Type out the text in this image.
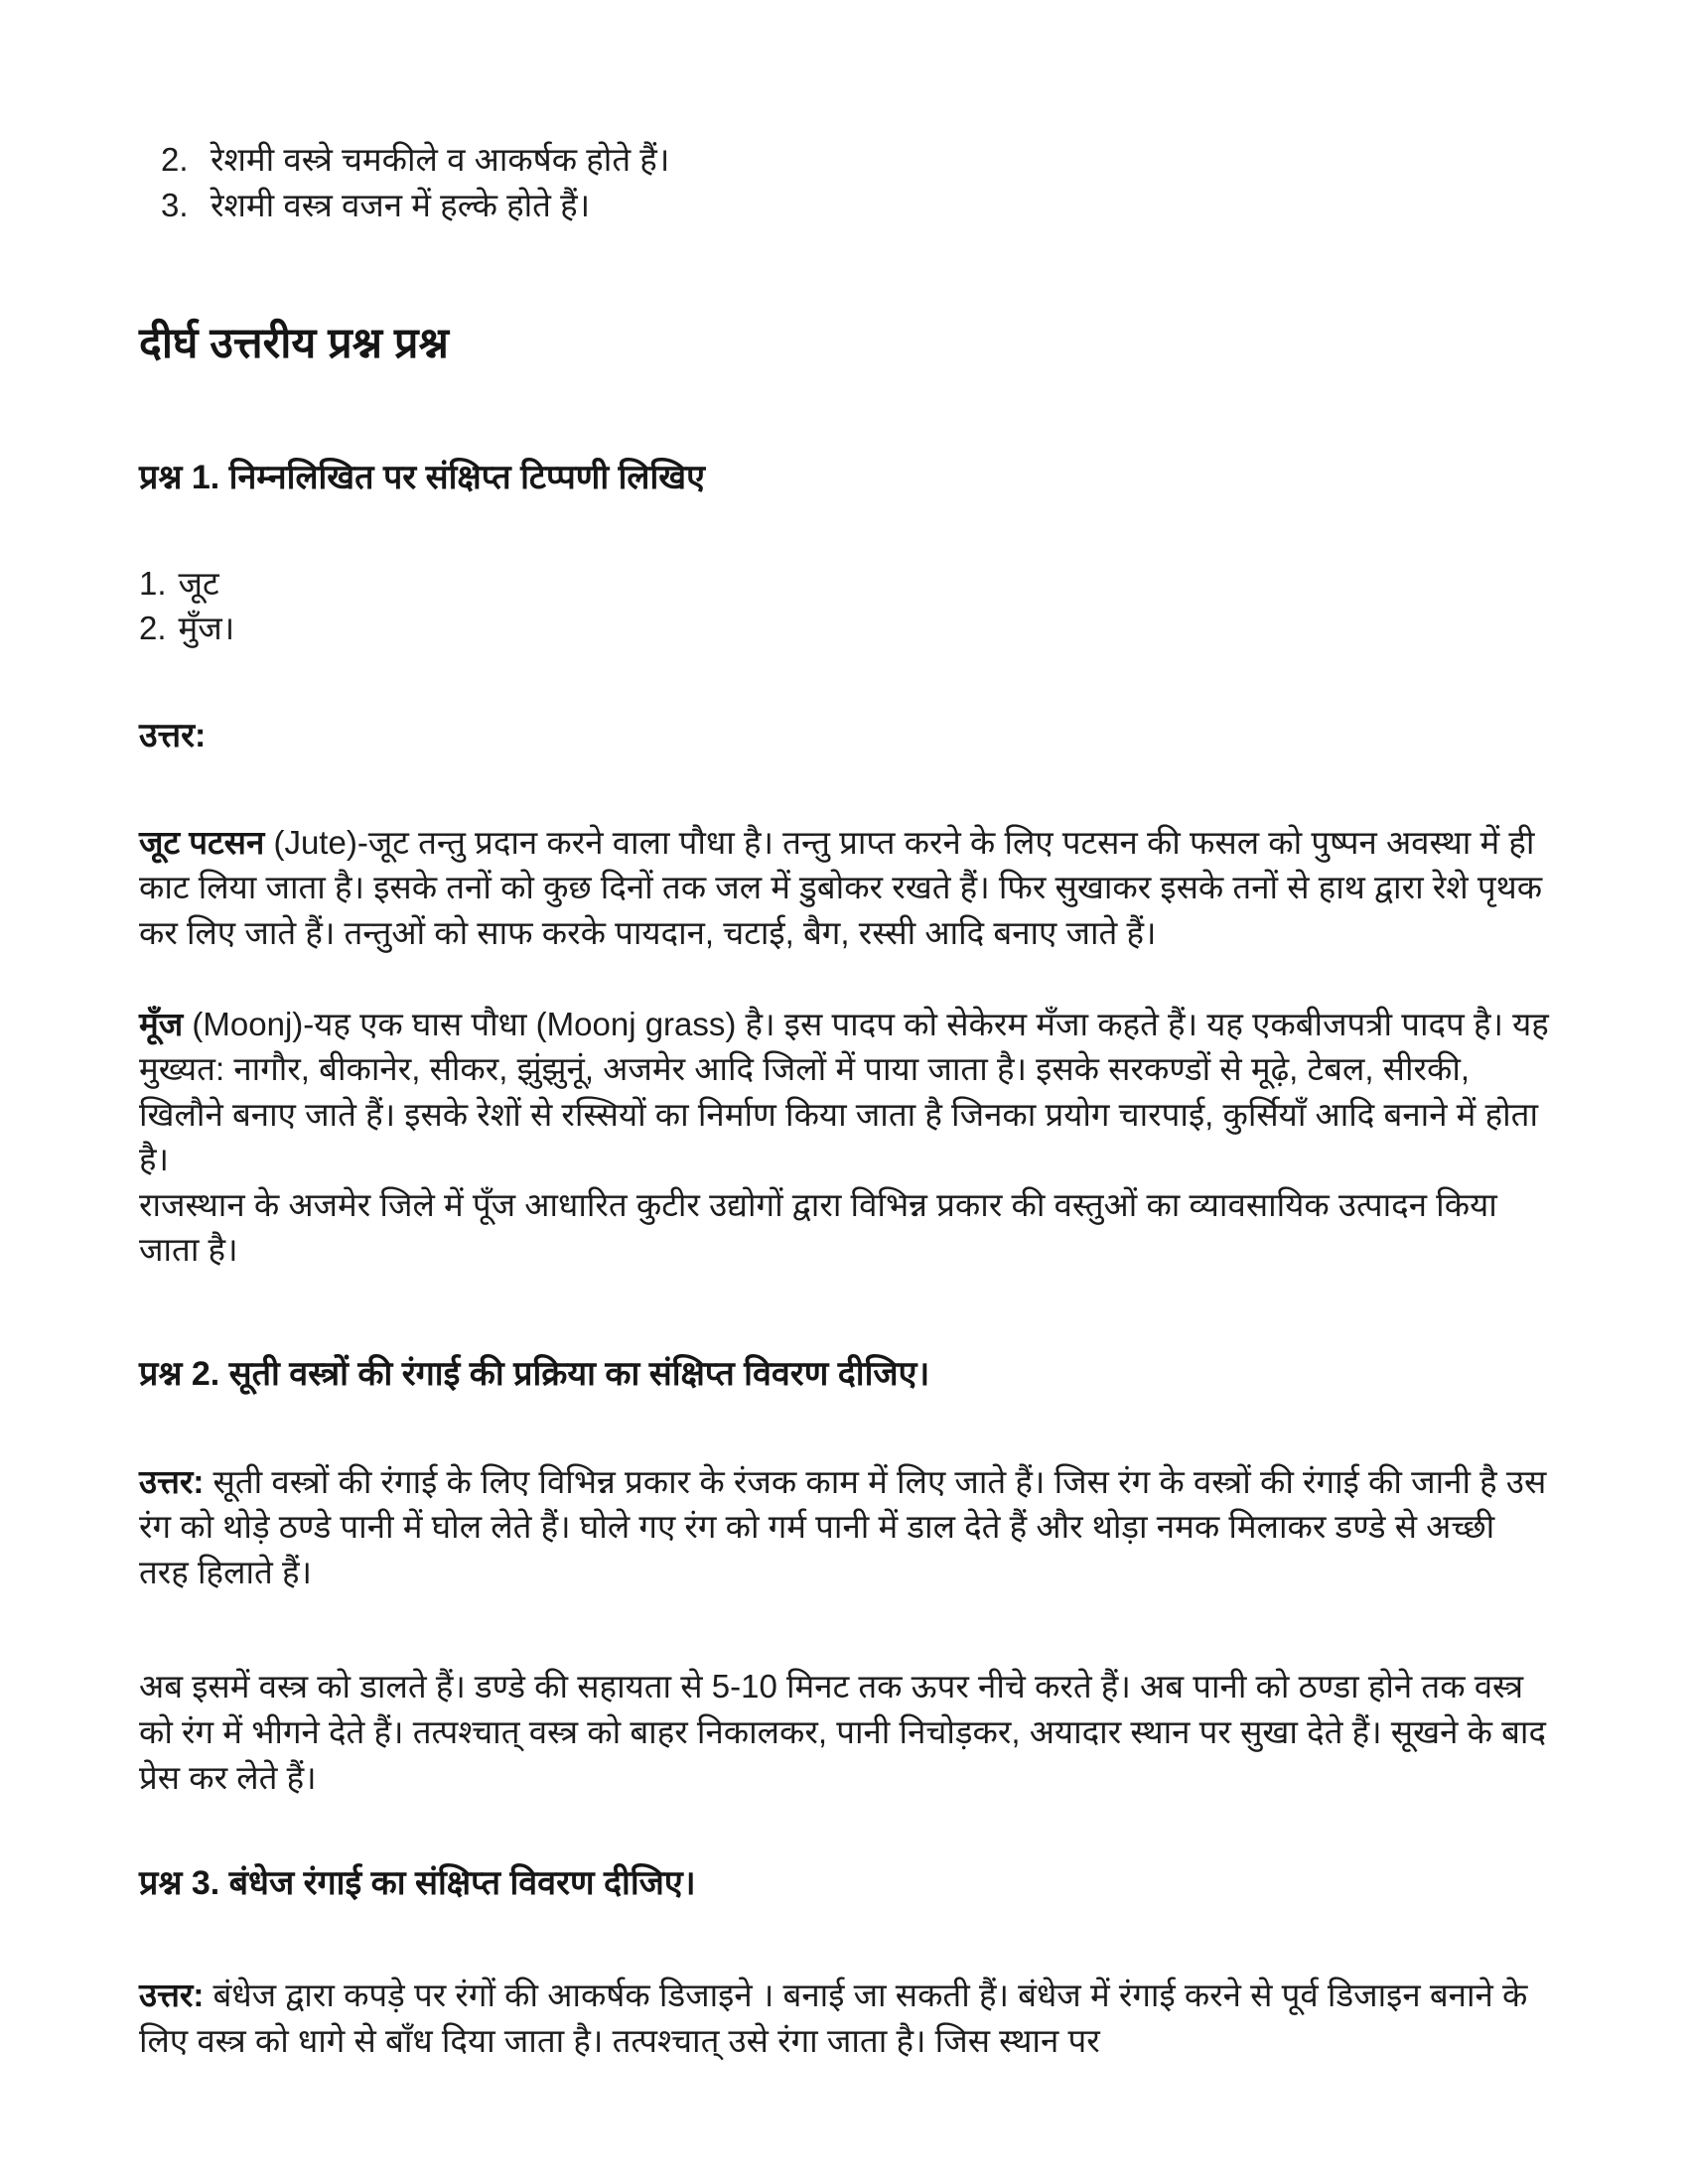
2. रेशमी वस्त्रे चमकीले व आकर्षक होते हैं।
3. रेशमी वस्त्र वजन में हल्के होते हैं।
दीर्घ उत्तरीय प्रश्न प्रश्न
प्रश्न 1. निम्नलिखित पर संक्षिप्त टिप्पणी लिखिए
1. जूट
2. मुँज।
उत्तर:
जूट पटसन (Jute)-जूट तन्तु प्रदान करने वाला पौधा है। तन्तु प्राप्त करने के लिए पटसन की फसल को पुष्पन अवस्था में ही काट लिया जाता है। इसके तनों को कुछ दिनों तक जल में डुबोकर रखते हैं। फिर सुखाकर इसके तनों से हाथ द्वारा रेशे पृथक कर लिए जाते हैं। तन्तुओं को साफ करके पायदान, चटाई, बैग, रस्सी आदि बनाए जाते हैं।
मूँज (Moonj)-यह एक घास पौधा (Moonj grass) है। इस पादप को सेकेरम मँजा कहते हैं। यह एकबीजपत्री पादप है। यह मुख्यत: नागौर, बीकानेर, सीकर, झुंझुनूं, अजमेर आदि जिलों में पाया जाता है। इसके सरकण्डों से मूढ़े, टेबल, सीरकी, खिलौने बनाए जाते हैं। इसके रेशों से रस्सियों का निर्माण किया जाता है जिनका प्रयोग चारपाई, कुर्सियाँ आदि बनाने में होता है।
राजस्थान के अजमेर जिले में पूँज आधारित कुटीर उद्योगों द्वारा विभिन्न प्रकार की वस्तुओं का व्यावसायिक उत्पादन किया जाता है।
प्रश्न 2. सूती वस्त्रों की रंगाई की प्रक्रिया का संक्षिप्त विवरण दीजिए।
उत्तर: सूती वस्त्रों की रंगाई के लिए विभिन्न प्रकार के रंजक काम में लिए जाते हैं। जिस रंग के वस्त्रों की रंगाई की जानी है उस रंग को थोड़े ठण्डे पानी में घोल लेते हैं। घोले गए रंग को गर्म पानी में डाल देते हैं और थोड़ा नमक मिलाकर डण्डे से अच्छी तरह हिलाते हैं।
अब इसमें वस्त्र को डालते हैं। डण्डे की सहायता से 5-10 मिनट तक ऊपर नीचे करते हैं। अब पानी को ठण्डा होने तक वस्त्र को रंग में भीगने देते हैं। तत्पश्चात् वस्त्र को बाहर निकालकर, पानी निचोड़कर, अयादार स्थान पर सुखा देते हैं। सूखने के बाद प्रेस कर लेते हैं।
प्रश्न 3. बंधेज रंगाई का संक्षिप्त विवरण दीजिए।
उत्तर: बंधेज द्वारा कपड़े पर रंगों की आकर्षक डिजाइने । बनाई जा सकती हैं। बंधेज में रंगाई करने से पूर्व डिजाइन बनाने के लिए वस्त्र को धागे से बाँध दिया जाता है। तत्पश्चात् उसे रंगा जाता है। जिस स्थान पर
